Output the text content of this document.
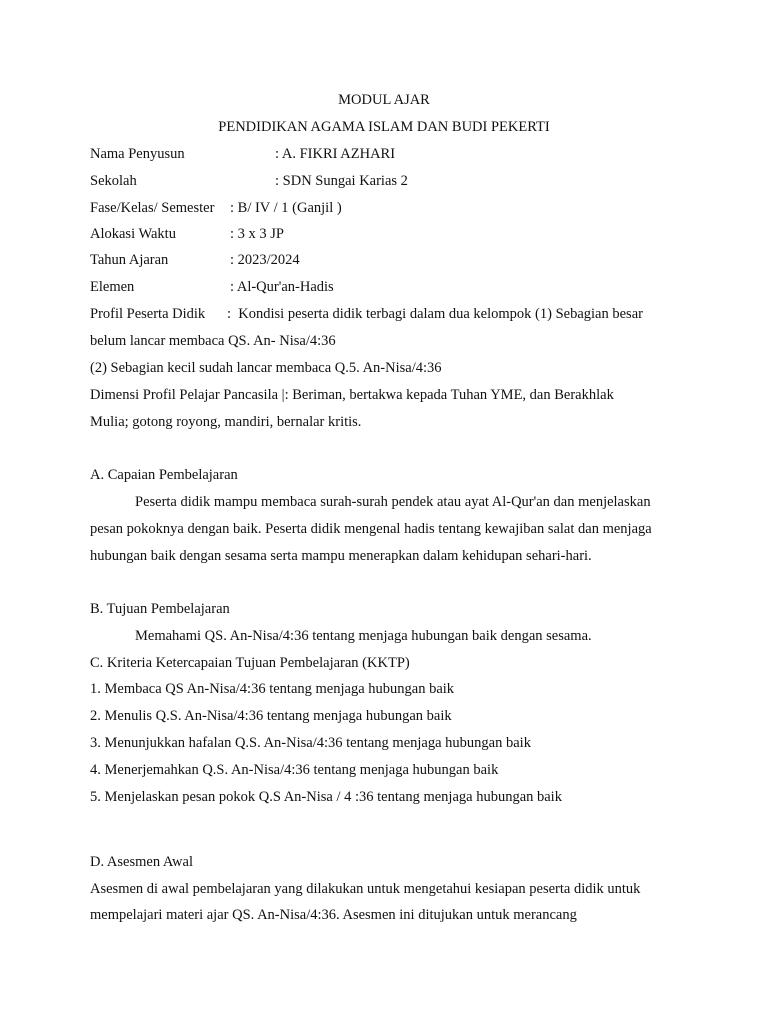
MODUL AJAR
PENDIDIKAN AGAMA ISLAM DAN BUDI PEKERTI
Nama Penyusun	: A. FIKRI AZHARI
Sekolah	: SDN Sungai Karias 2
Fase/Kelas/ Semester : B/ IV / 1 (Ganjil )
Alokasi Waktu	: 3 x 3 JP
Tahun Ajaran	: 2023/2024
Elemen	: Al-Qur'an-Hadis
Profil Peserta Didik :  Kondisi peserta didik terbagi dalam dua kelompok (1) Sebagian besar
belum lancar membaca QS. An- Nisa/4:36
(2) Sebagian kecil sudah lancar membaca Q.5. An-Nisa/4:36
Dimensi Profil Pelajar Pancasila |: Beriman, bertakwa kepada Tuhan YME, dan Berakhlak
Mulia; gotong royong, mandiri, bernalar kritis.
A. Capaian Pembelajaran
Peserta didik mampu membaca surah-surah pendek atau ayat Al-Qur'an dan menjelaskan
pesan pokoknya dengan baik. Peserta didik mengenal hadis tentang kewajiban salat dan menjaga
hubungan baik dengan sesama serta mampu menerapkan dalam kehidupan sehari-hari.
B. Tujuan Pembelajaran
Memahami QS. An-Nisa/4:36 tentang menjaga hubungan baik dengan sesama.
C. Kriteria Ketercapaian Tujuan Pembelajaran (KKTP)
1. Membaca QS An-Nisa/4:36 tentang menjaga hubungan baik
2. Menulis Q.S. An-Nisa/4:36 tentang menjaga hubungan baik
3. Menunjukkan hafalan Q.S. An-Nisa/4:36 tentang menjaga hubungan baik
4. Menerjemahkan Q.S. An-Nisa/4:36 tentang menjaga hubungan baik
5. Menjelaskan pesan pokok Q.S An-Nisa / 4 :36 tentang menjaga hubungan baik
D. Asesmen Awal
Asesmen di awal pembelajaran yang dilakukan untuk mengetahui kesiapan peserta didik untuk
mempelajari materi ajar QS. An-Nisa/4:36. Asesmen ini ditujukan untuk merancang
